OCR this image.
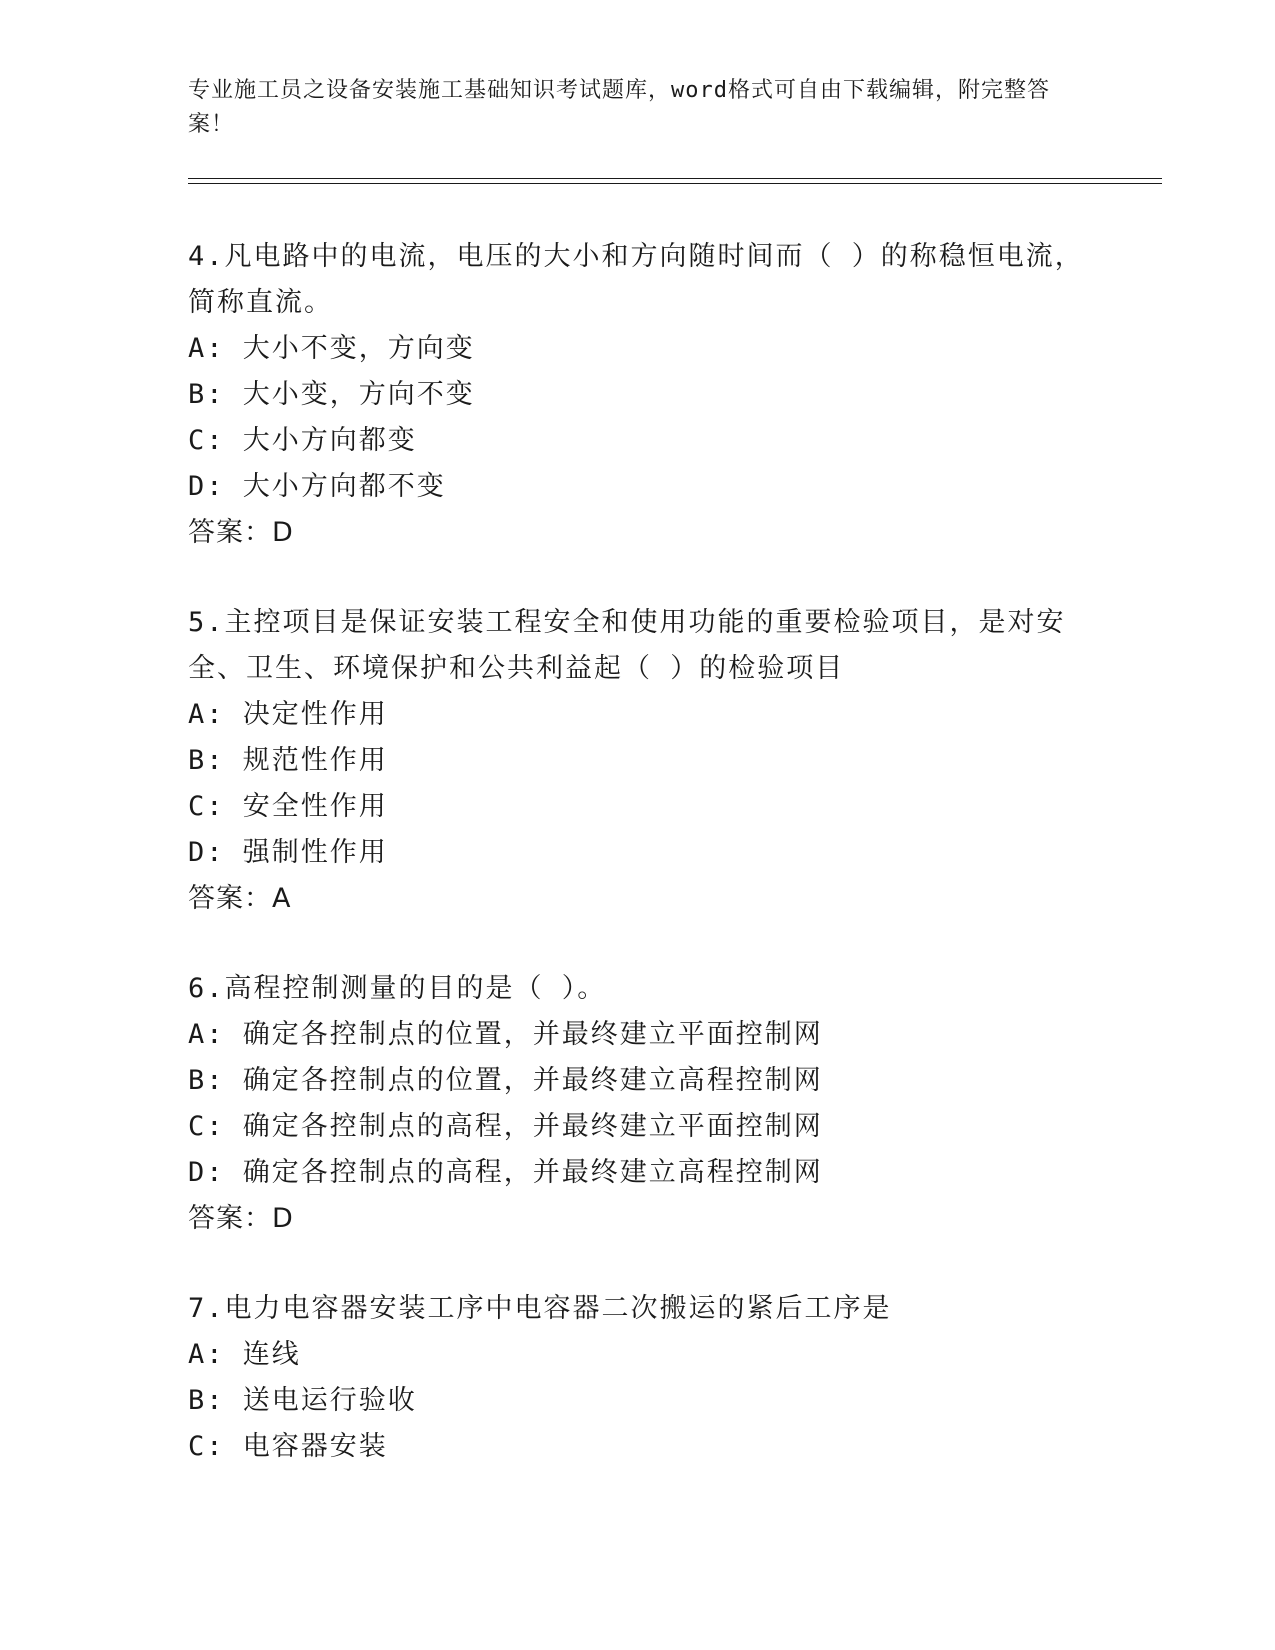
专业施工员之设备安装施工基础知识考试题库，word格式可自由下载编辑，附完整答案！
4.凡电路中的电流，电压的大小和方向随时间而（ ）的称稳恒电流，简称直流。
A: 大小不变，方向变
B: 大小变，方向不变
C: 大小方向都变
D: 大小方向都不变
答案：D
5.主控项目是保证安装工程安全和使用功能的重要检验项目，是对安全、卫生、环境保护和公共利益起（ ）的检验项目
A: 决定性作用
B: 规范性作用
C: 安全性作用
D: 强制性作用
答案：A
6.高程控制测量的目的是（ ）。
A: 确定各控制点的位置，并最终建立平面控制网
B: 确定各控制点的位置，并最终建立高程控制网
C: 确定各控制点的高程，并最终建立平面控制网
D: 确定各控制点的高程，并最终建立高程控制网
答案：D
7.电力电容器安装工序中电容器二次搬运的紧后工序是
A: 连线
B: 送电运行验收
C: 电容器安装
